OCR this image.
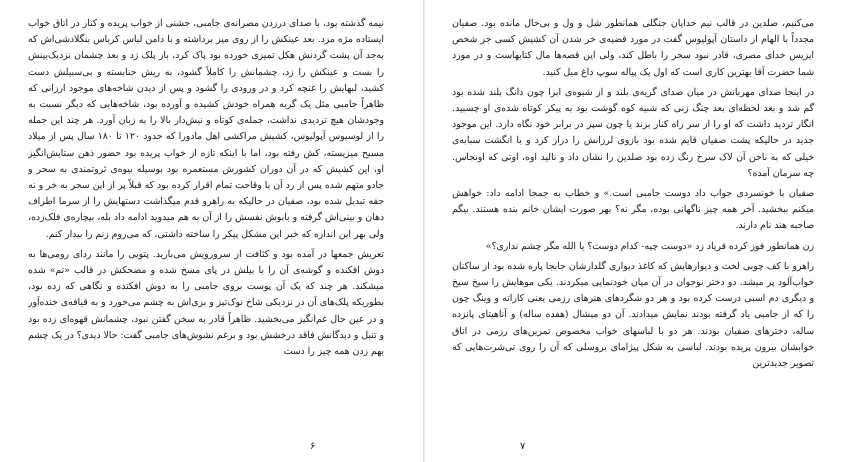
نیمه گذشته بود، با صدای درزدن مصرانه‌ی جامبی، جشنی از خواب پریده و کنار در اتاق خواب ایستاده مژه مزد. بعد عینکش را از روی میز برداشته و با دامن لباس کرباس بنگلادشی‌اش که به‌جد آن پشت گردنش هکل تمیزی خورده بود پاک کرد، باز پلک زد و بعد چشمان نزدیک‌بینش را بست و عینکش را زد، چشمانش را کاملاً گشود، به ریش حنابسته و بی‌سبیلش دست کشید، لبهایش را غنچه کرد و در ورودی را گشود و پس از دیدن شاخه‌های موجود ارزانی که ظاهراً جامبی مثل یک گربه همراه خودش کشیده و آورده بود، شاخه‌هایی که دیگر نسبت به وجودشان هیچ تردیدی نداشت، جمله‌ی کوتاه و نیش‌دار بالا را به زبان آورد. هر چند این جمله را از لوسیوس آپولیوس، کشیش مراکشی اهل مادورا که حدود ۱۲۰ تا ۱۸۰ سال پس از میلاد مسیح میزیسته، کش رفته بود، اما با اینکه تازه از خواب پریده بود حضور ذهن ستایش‌انگیز او، این کشیش که در آن دوران کشورش مستعمره بود بوسیله بیوه‌ی ثروتمندی به سحر و جادو متهم شده پس از رد آن با وقاحت تمام اقرار کرده بود که قبلاً پر از این سحر به خر و نه جفه تبدیل شده بود، صفیان در حالیکه به راهرو قدم میگذاشت دستهایش را از سرما اطراف دهان و بینی‌اش گرفته و بابوش نفسش را از آن به هم میدوید ادامه داد بله، بیچاره‌ی فلک‌زده، ولی بهر این اندازه که خبر این مشکل پیکر را ساخته داشتی، که می‌روم زنم را بیدار کنم.

تعریش جمعها در آمده بود و کثافت از سرورویش می‌بارید. پتویی را مانند ردای رومی‌ها به دوش افکنده و گوشه‌ی آن را با بیلش در پای مسخ شده و مضحکش در قالب «تم» شده میشکند. هر چند که یک آن پوست بروی جامبی را به دوش افکنده و نگاهی که زده بود، بطوریکه پلک‌های آن در نزدیکی شاخ نوک‌تیز و بزی‌اش به چشم می‌خورد و به قیافه‌ی خنده‌آور و در عین حال غم‌انگیز می‌بخشید. ظاهراً قادر به سخن گفتن نبود، چشمانش قهوه‌ای زده بود و تنبل و دیدگانش فاقد درخشش بود و برغم نشوش‌های جامبی گفت: حالا دیدی؟ در یک چشم بهم زدن همه چیز را دست

۶

می‌کنیم، صلدین در قالب نیم خدایان جنگلی همانطور شل و ول و بی‌حال مانده بود. صفیان مجدداً با الهام از داستان آپولیوس گفت در مورد قضیه‌ی خر شدن آن کشیش کسی جز شخص ایزیس خدای مصری، قادر نبود سحر را باطل کند، ولی این قصه‌ها مال کتابهاست و در مورد شما حضرت آقا بهترین کاری است که اول یک پیاله سوپ داغ میل کنید.

در اینجا صدای مهربانش در میان صدای گریه‌ی بلند و از شیوه‌ی ابرا چون دانگ بلند شده بود گم شد و بعد لحظه‌ای بعد چنگ زنی که شبیه کوه گوشت بود به پیکر کوتاه شده‌ی او چسبید. انگار تردید داشت که او را از سر راه کنار بزند یا چون سپر در برابر خود نگاه دارد. این موجود جدید در حالیکه پشت صفیان قایم شده بود بازوی لرزانش را دراز کرد و با انگشت سبابه‌ی خیلی که به ناخن آن لاک سرخ رنگ زده بود صلدین را نشان داد و نالید اوه، اوتی که اونجاس. چه سرمان آمده؟

صفیان با خونسردی جواب داد دوست جامبی است.» و خطاب به جمجا ادامه داد: خواهش میکنم ببخشید. آخر همه چیز ناگهانی بوده، مگر نه؟ بهر صورت ایشان خانم بنده هستند. بیگم صاحبه هند نام دارند.

زن همانطور فوز کرده فریاد زد «دوست چیه- کدام دوست؟ یا الله مگر چشم نداری؟»

راهرو با کف چوبی لخت و دیوارهایش که کاغذ دیواری گلدارشان جابجا پاره شده بود از ساکنان خواب‌آلود پر میشد. دو دختر نوجوان در آن میان خودنمایی میکردند. یکی موهایش را سیخ سیخ و دیگری دم اسبی درست کرده بود و هر دو شگردهای هنرهای رزمی یعنی کاراته و وینگ چون را که از جامبی یاد گرفته بودند نمایش میدادند. آن دو میشال (هفده ساله) و آناهیتای پانزده ساله، دخترهای صفیان بودند. هر دو با لباسهای خواب مخصوص تمرین‌های رزمی در اتاق خوابشان بیرون پریده بودند. لباسی به شکل پیژامای بروسلی که آن را روی تی‌شرت‌هایی که تصویر جدیدترین

۷
